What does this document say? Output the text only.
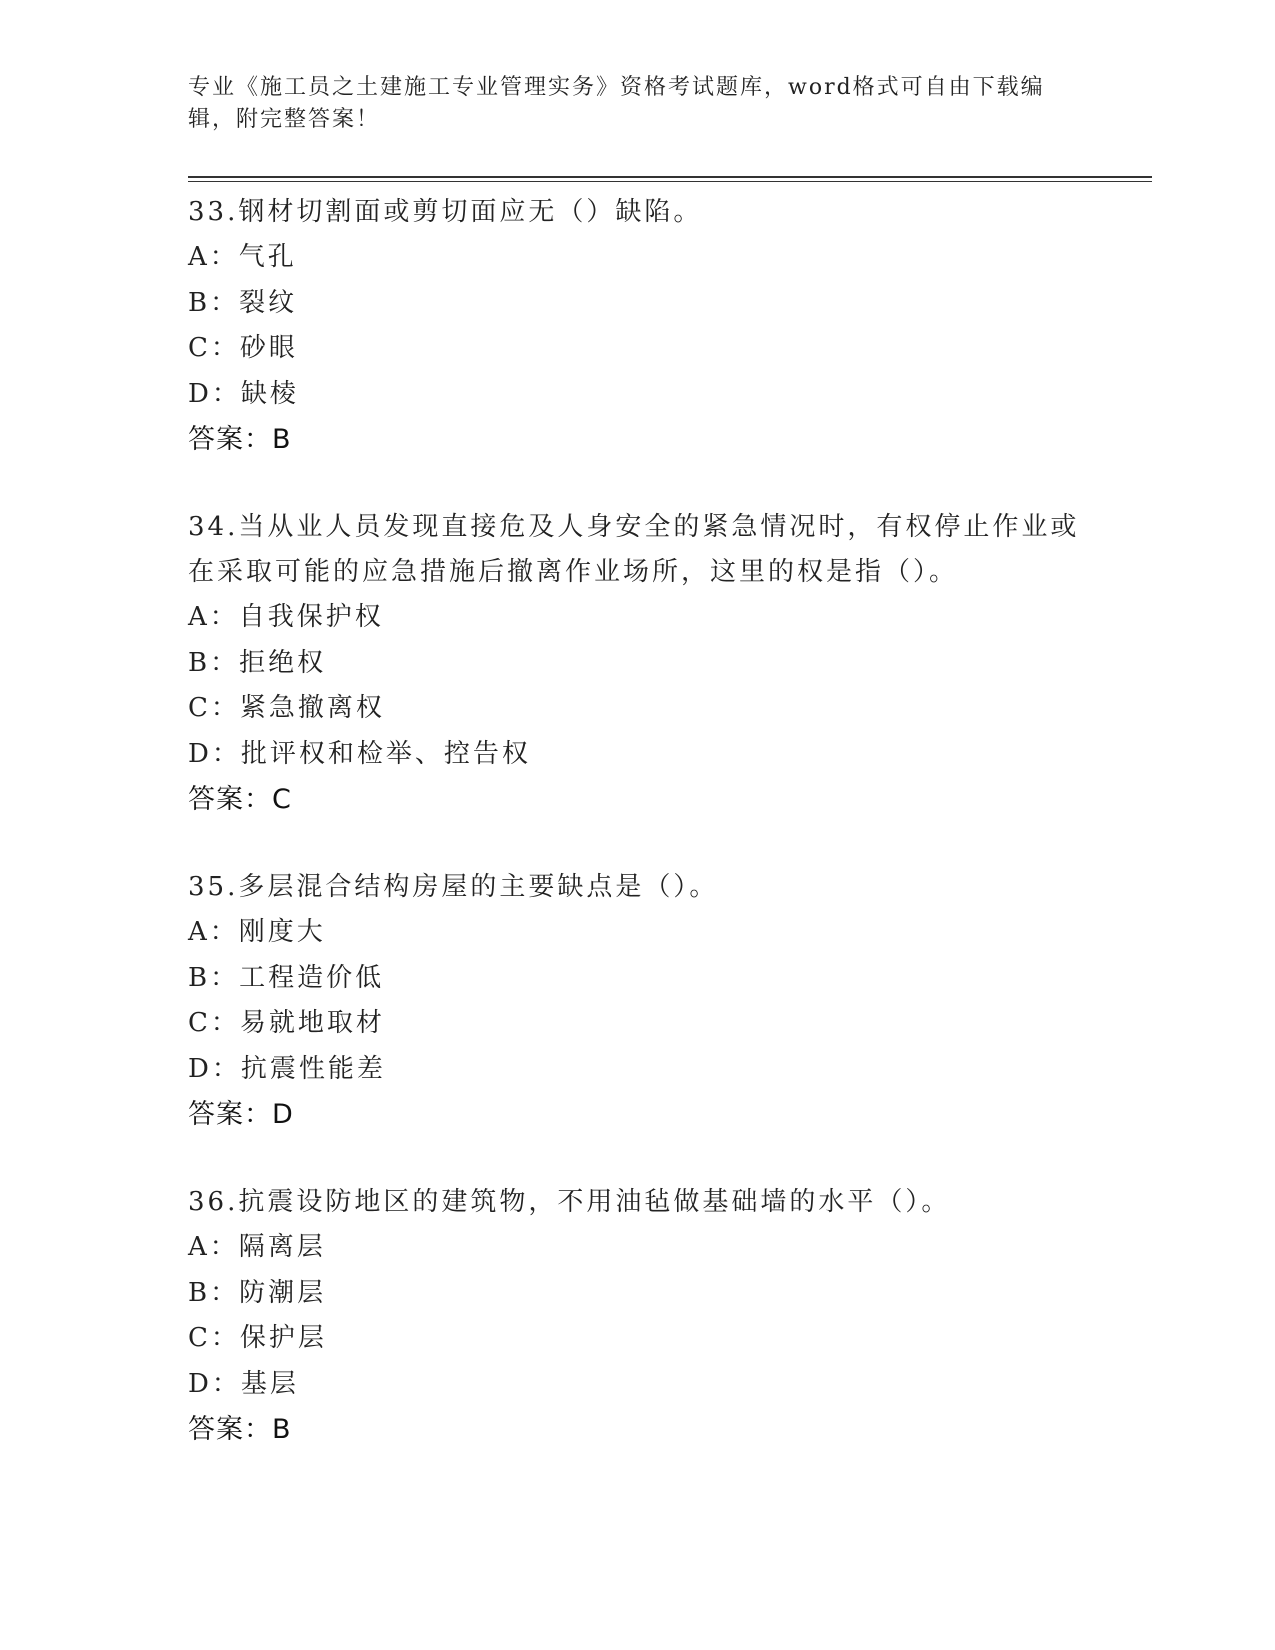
专业《施工员之土建施工专业管理实务》资格考试题库，word格式可自由下载编辑，附完整答案！

33.钢材切割面或剪切面应无（）缺陷。

A：气孔

B：裂纹

C：砂眼

D：缺棱

答案：B

34.当从业人员发现直接危及人身安全的紧急情况时，有权停止作业或在采取可能的应急措施后撤离作业场所，这里的权是指（）。

A：自我保护权

B：拒绝权

C：紧急撤离权

D：批评权和检举、控告权

答案：C

35.多层混合结构房屋的主要缺点是（）。

A：刚度大

B：工程造价低

C：易就地取材

D：抗震性能差

答案：D

36.抗震设防地区的建筑物，不用油毡做基础墙的水平（）。

A：隔离层

B：防潮层

C：保护层

D：基层

答案：B
